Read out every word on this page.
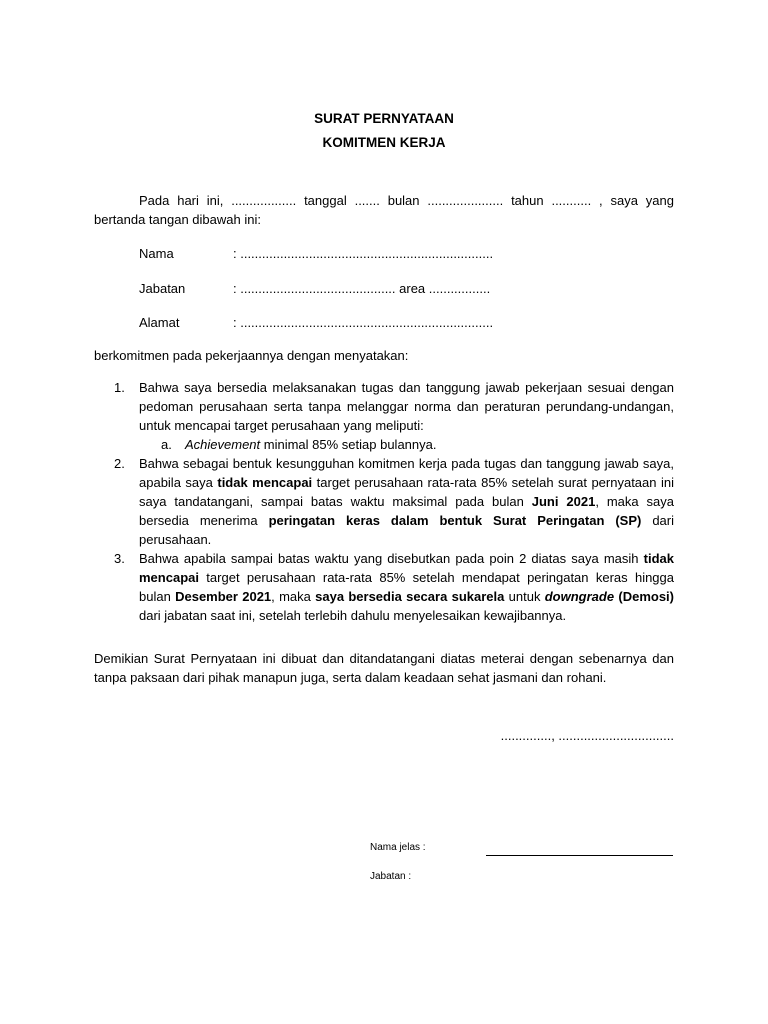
SURAT PERNYATAAN
KOMITMEN KERJA
Pada hari ini, .................. tanggal ....... bulan ..................... tahun ........... , saya yang bertanda tangan dibawah ini:
Nama	: ......................................................................
Jabatan	: ........................................... area .................
Alamat	: ......................................................................
berkomitmen pada pekerjaannya dengan menyatakan:
1. Bahwa saya bersedia melaksanakan tugas dan tanggung jawab pekerjaan sesuai dengan pedoman perusahaan serta tanpa melanggar norma dan peraturan perundang-undangan, untuk mencapai target perusahaan yang meliputi:
a. Achievement minimal 85% setiap bulannya.
2. Bahwa sebagai bentuk kesungguhan komitmen kerja pada tugas dan tanggung jawab saya, apabila saya tidak mencapai target perusahaan rata-rata 85% setelah surat pernyataan ini saya tandatangani, sampai batas waktu maksimal pada bulan Juni 2021, maka saya bersedia menerima peringatan keras dalam bentuk Surat Peringatan (SP) dari perusahaan.
3. Bahwa apabila sampai batas waktu yang disebutkan pada poin 2 diatas saya masih tidak mencapai target perusahaan rata-rata 85% setelah mendapat peringatan keras hingga bulan Desember 2021, maka saya bersedia secara sukarela untuk downgrade (Demosi) dari jabatan saat ini, setelah terlebih dahulu menyelesaikan kewajibannya.
Demikian Surat Pernyataan ini dibuat dan ditandatangani diatas meterai dengan sebenarnya dan tanpa paksaan dari pihak manapun juga, serta dalam keadaan sehat jasmani dan rohani.
.............., ................................
Nama jelas :
Jabatan :
